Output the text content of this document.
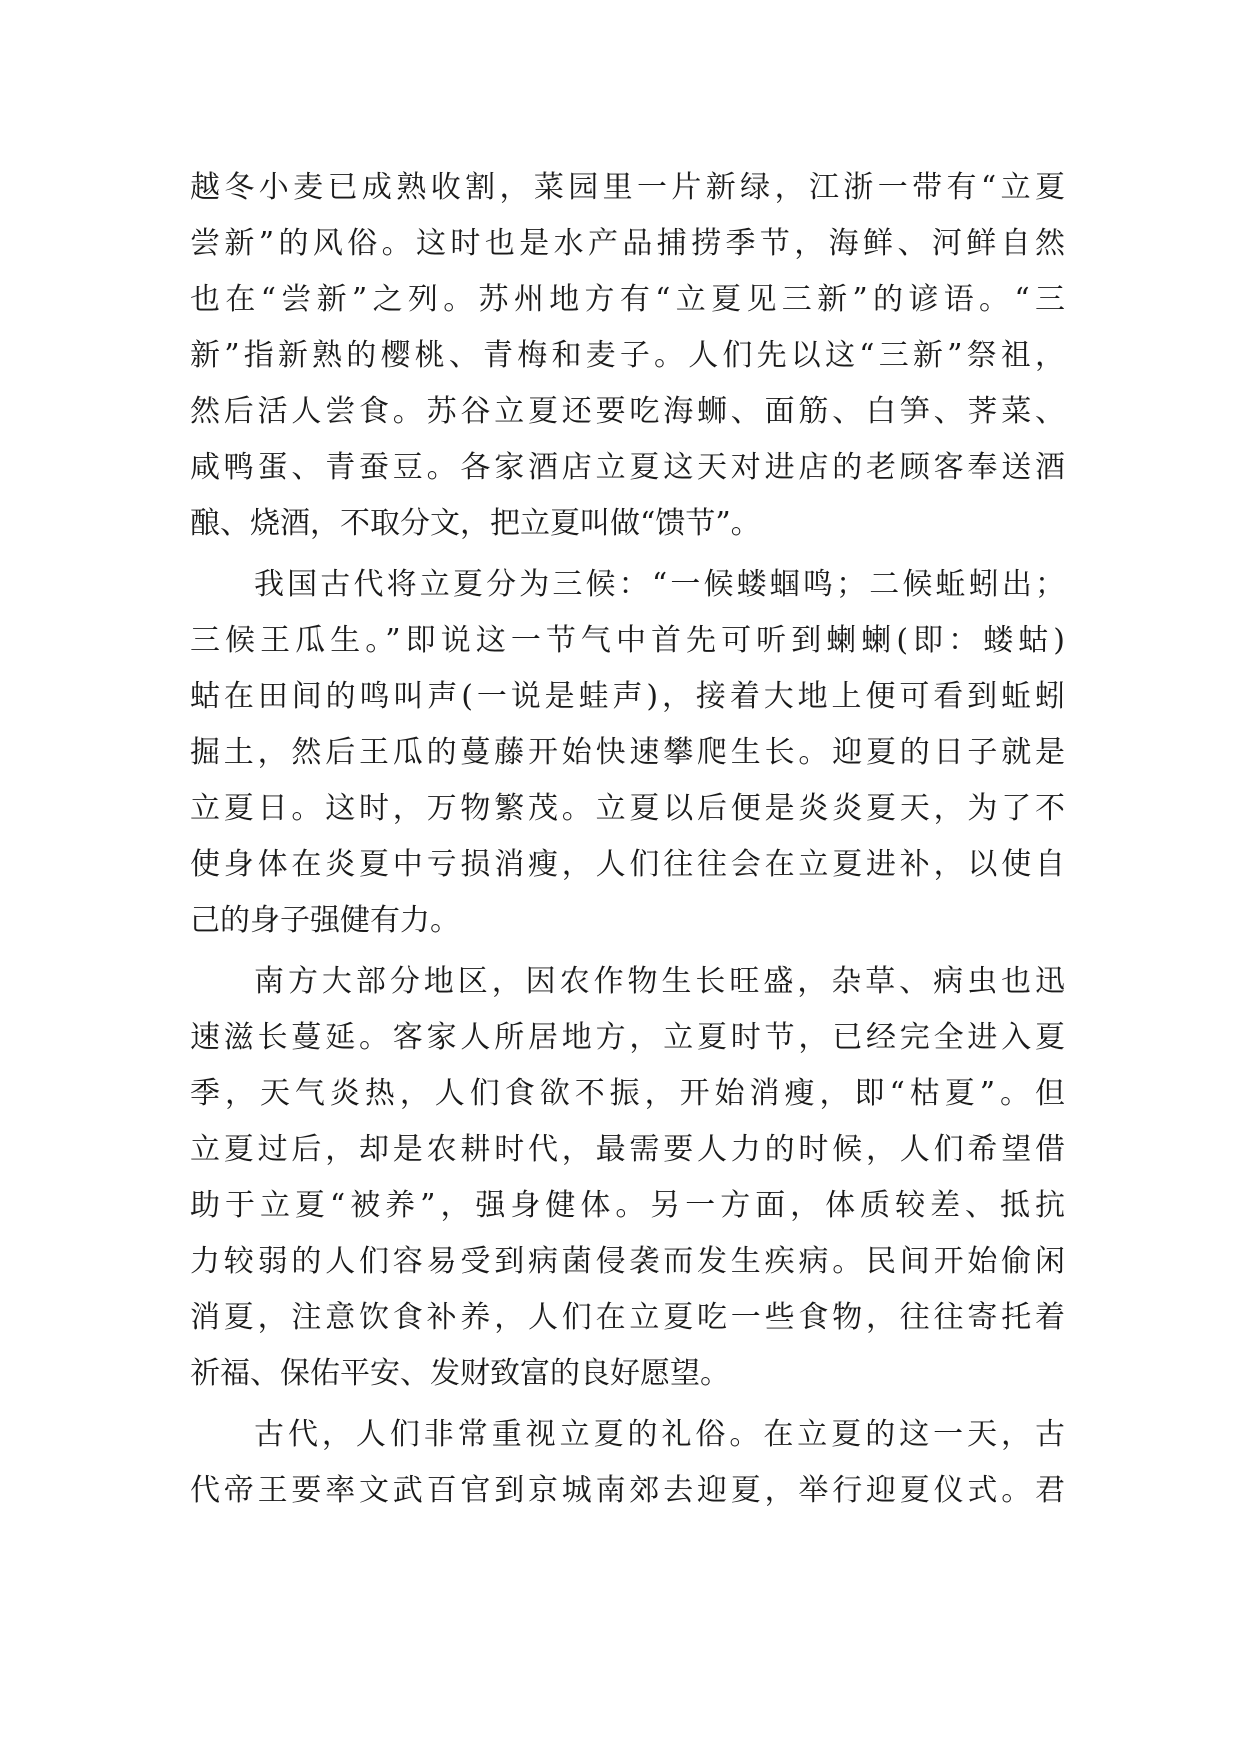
越冬小麦已成熟收割，菜园里一片新绿，江浙一带有“立夏
尝新”的风俗。这时也是水产品捕捞季节，海鲜、河鲜自然
也在“尝新”之列。苏州地方有“立夏见三新”的谚语。“三
新”指新熟的樱桃、青梅和麦子。人们先以这“三新”祭祖，
然后活人尝食。苏谷立夏还要吃海蛳、面筋、白笋、荠菜、
咸鸭蛋、青蚕豆。各家酒店立夏这天对进店的老顾客奉送酒
酿、烧酒，不取分文，把立夏叫做“馈节”。
我国古代将立夏分为三候：“一候蝼蝈鸣；二候蚯蚓出；
三候王瓜生。”即说这一节气中首先可听到蝲蝲(即：蝼蛄)
蛄在田间的鸣叫声(一说是蛙声)，接着大地上便可看到蚯蚓
掘土，然后王瓜的蔓藤开始快速攀爬生长。迎夏的日子就是
立夏日。这时，万物繁茂。立夏以后便是炎炎夏天，为了不
使身体在炎夏中亏损消瘦，人们往往会在立夏进补，以使自
己的身子强健有力。
南方大部分地区，因农作物生长旺盛，杂草、病虫也迅
速滋长蔓延。客家人所居地方，立夏时节，已经完全进入夏
季，天气炎热，人们食欲不振，开始消瘦，即“枯夏”。但
立夏过后，却是农耕时代，最需要人力的时候，人们希望借
助于立夏“被养”，强身健体。另一方面，体质较差、抵抗
力较弱的人们容易受到病菌侵袭而发生疾病。民间开始偷闲
消夏，注意饮食补养，人们在立夏吃一些食物，往往寄托着
祈福、保佑平安、发财致富的良好愿望。
古代，人们非常重视立夏的礼俗。在立夏的这一天，古
代帝王要率文武百官到京城南郊去迎夏，举行迎夏仪式。君
